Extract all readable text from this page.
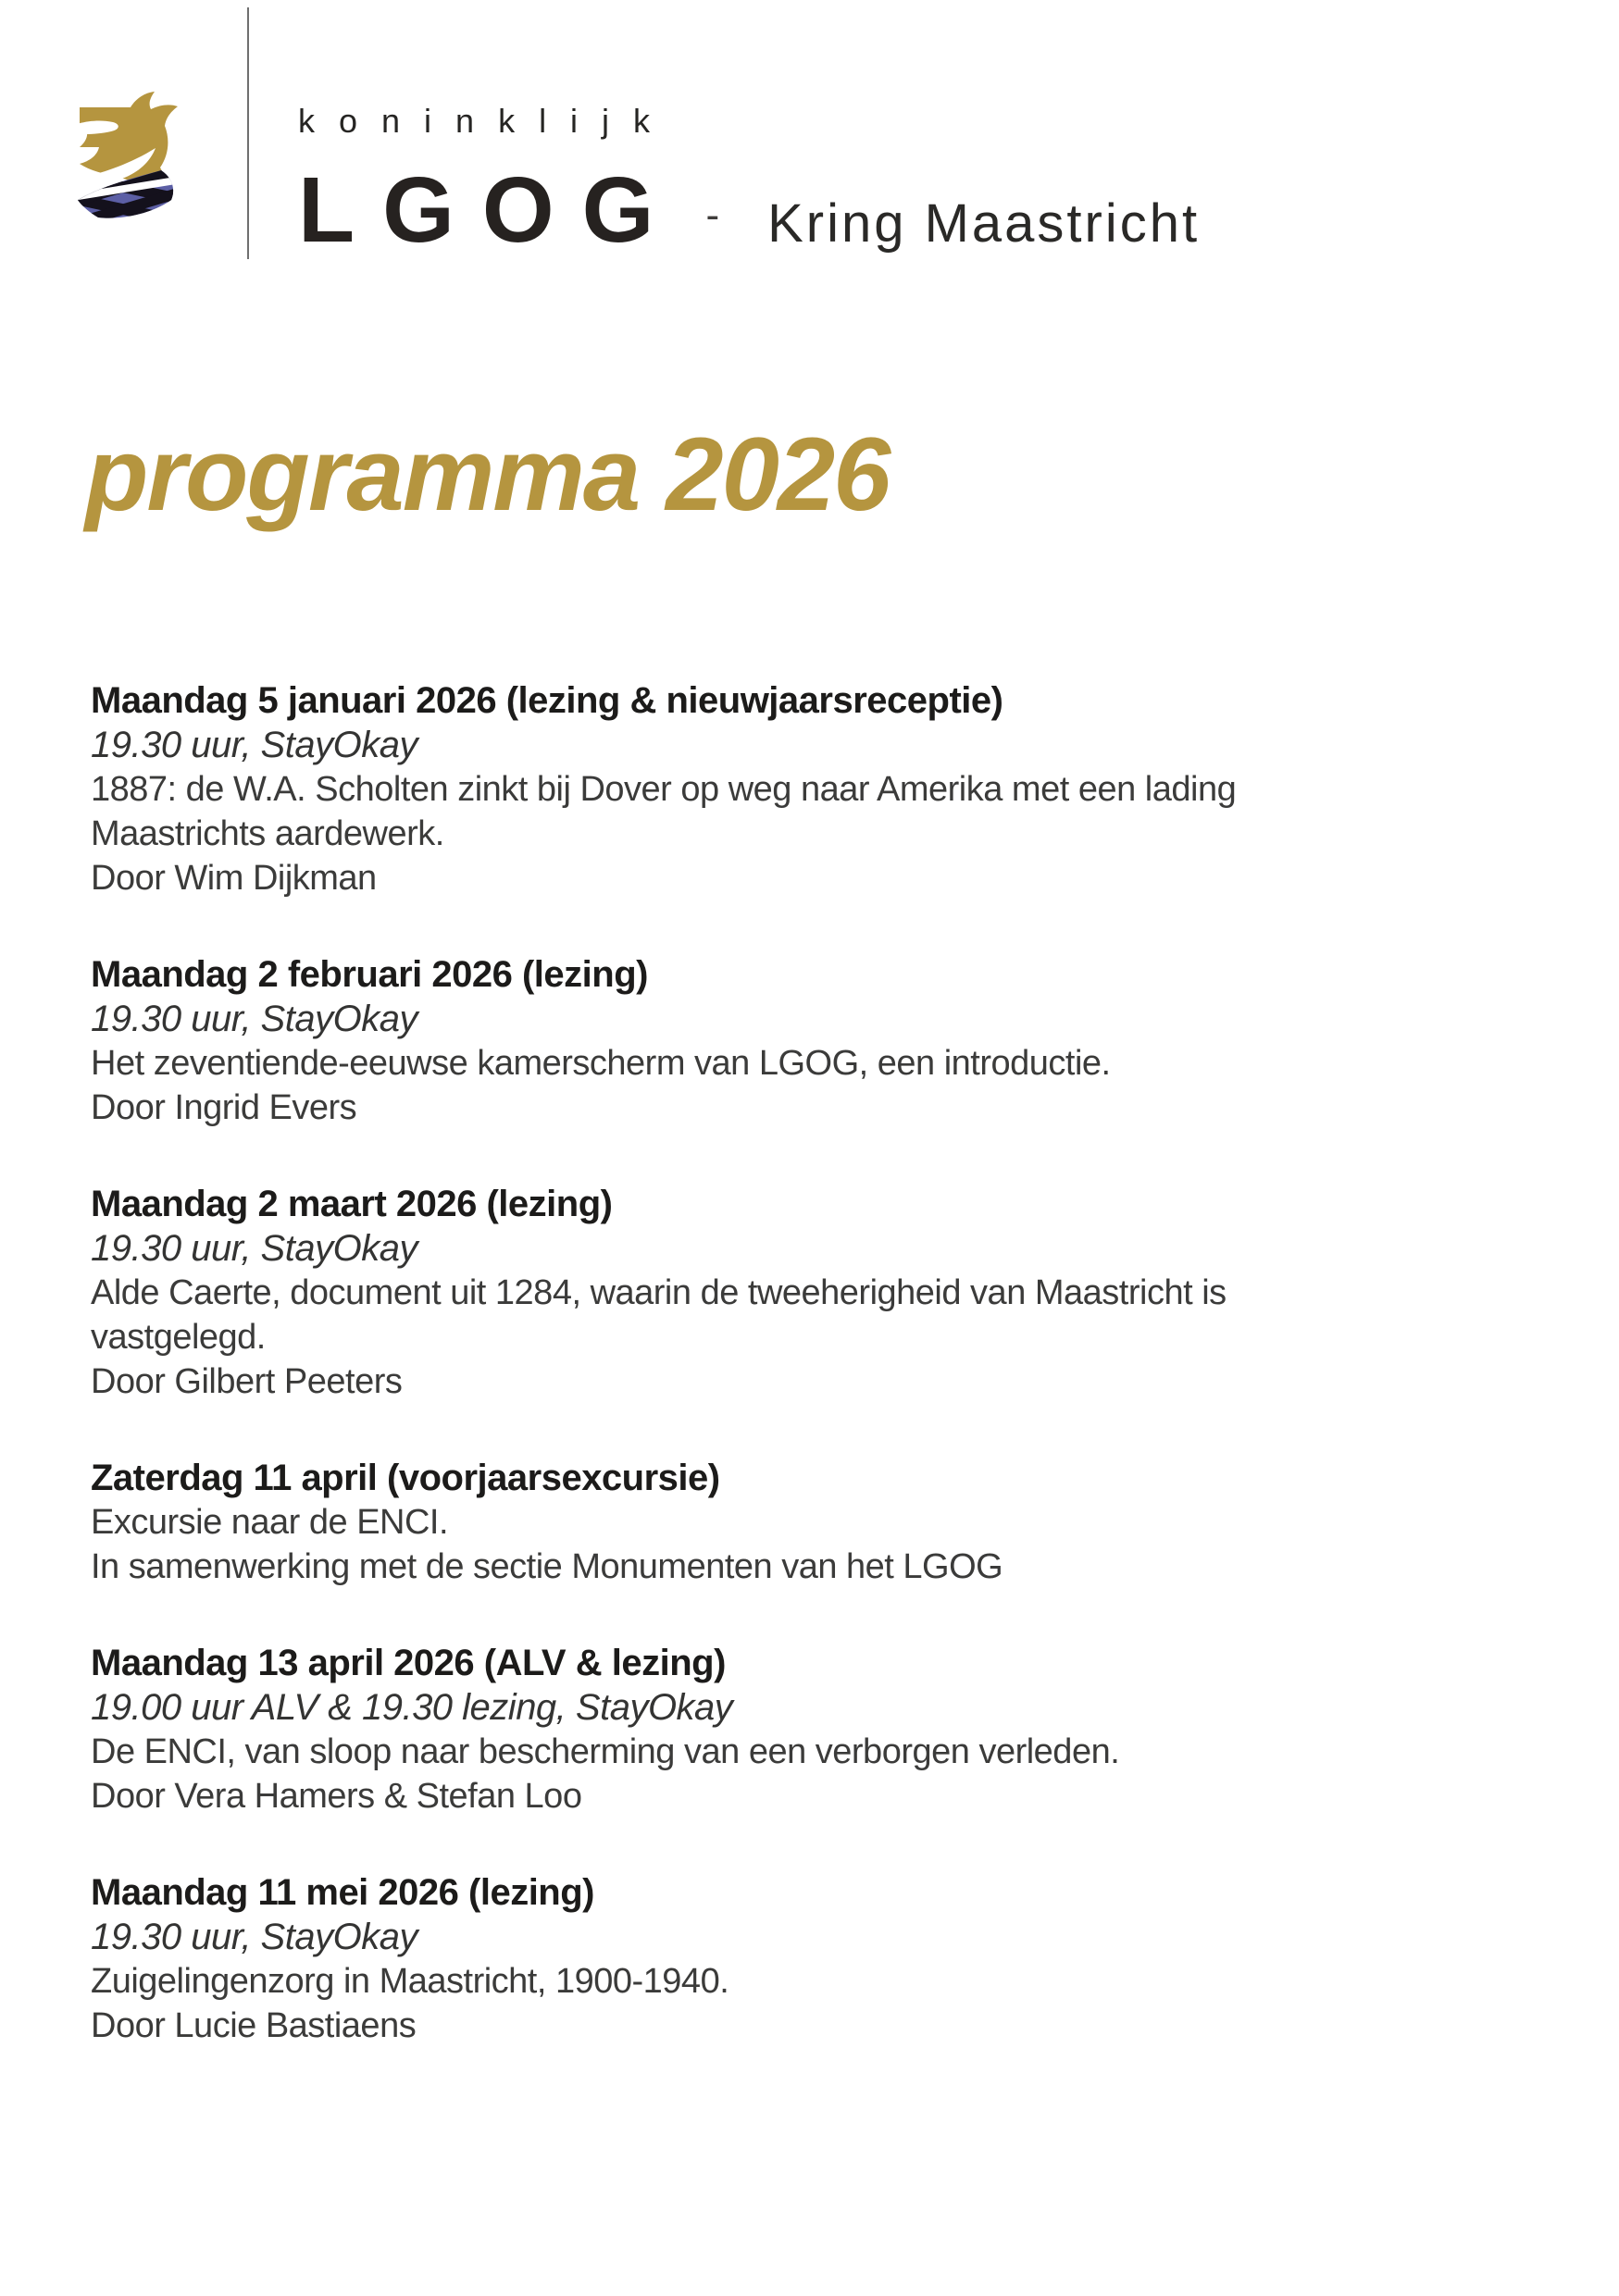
koninklijk
LGOG - Kring Maastricht
programma 2026
Maandag 5 januari 2026 (lezing & nieuwjaarsreceptie)

19.30 uur, StayOkay

1887: de W.A. Scholten zinkt bij Dover op weg naar Amerika met een lading Maastrichts aardewerk.

Door Wim Dijkman

Maandag 2 februari 2026 (lezing)

19.30 uur, StayOkay

Het zeventiende-eeuwse kamerscherm van LGOG, een introductie.

Door Ingrid Evers

Maandag 2 maart 2026 (lezing)

19.30 uur, StayOkay

Alde Caerte, document uit 1284, waarin de tweeherigheid van Maastricht is vastgelegd.

Door Gilbert Peeters

Zaterdag 11 april (voorjaarsexcursie)

Excursie naar de ENCI.

In samenwerking met de sectie Monumenten van het LGOG

Maandag 13 april 2026 (ALV & lezing)

19.00 uur ALV & 19.30 lezing, StayOkay

De ENCI, van sloop naar bescherming van een verborgen verleden.

Door Vera Hamers & Stefan Loo

Maandag 11 mei 2026 (lezing)

19.30 uur, StayOkay

Zuigelingenzorg in Maastricht, 1900-1940.

Door Lucie Bastiaens
